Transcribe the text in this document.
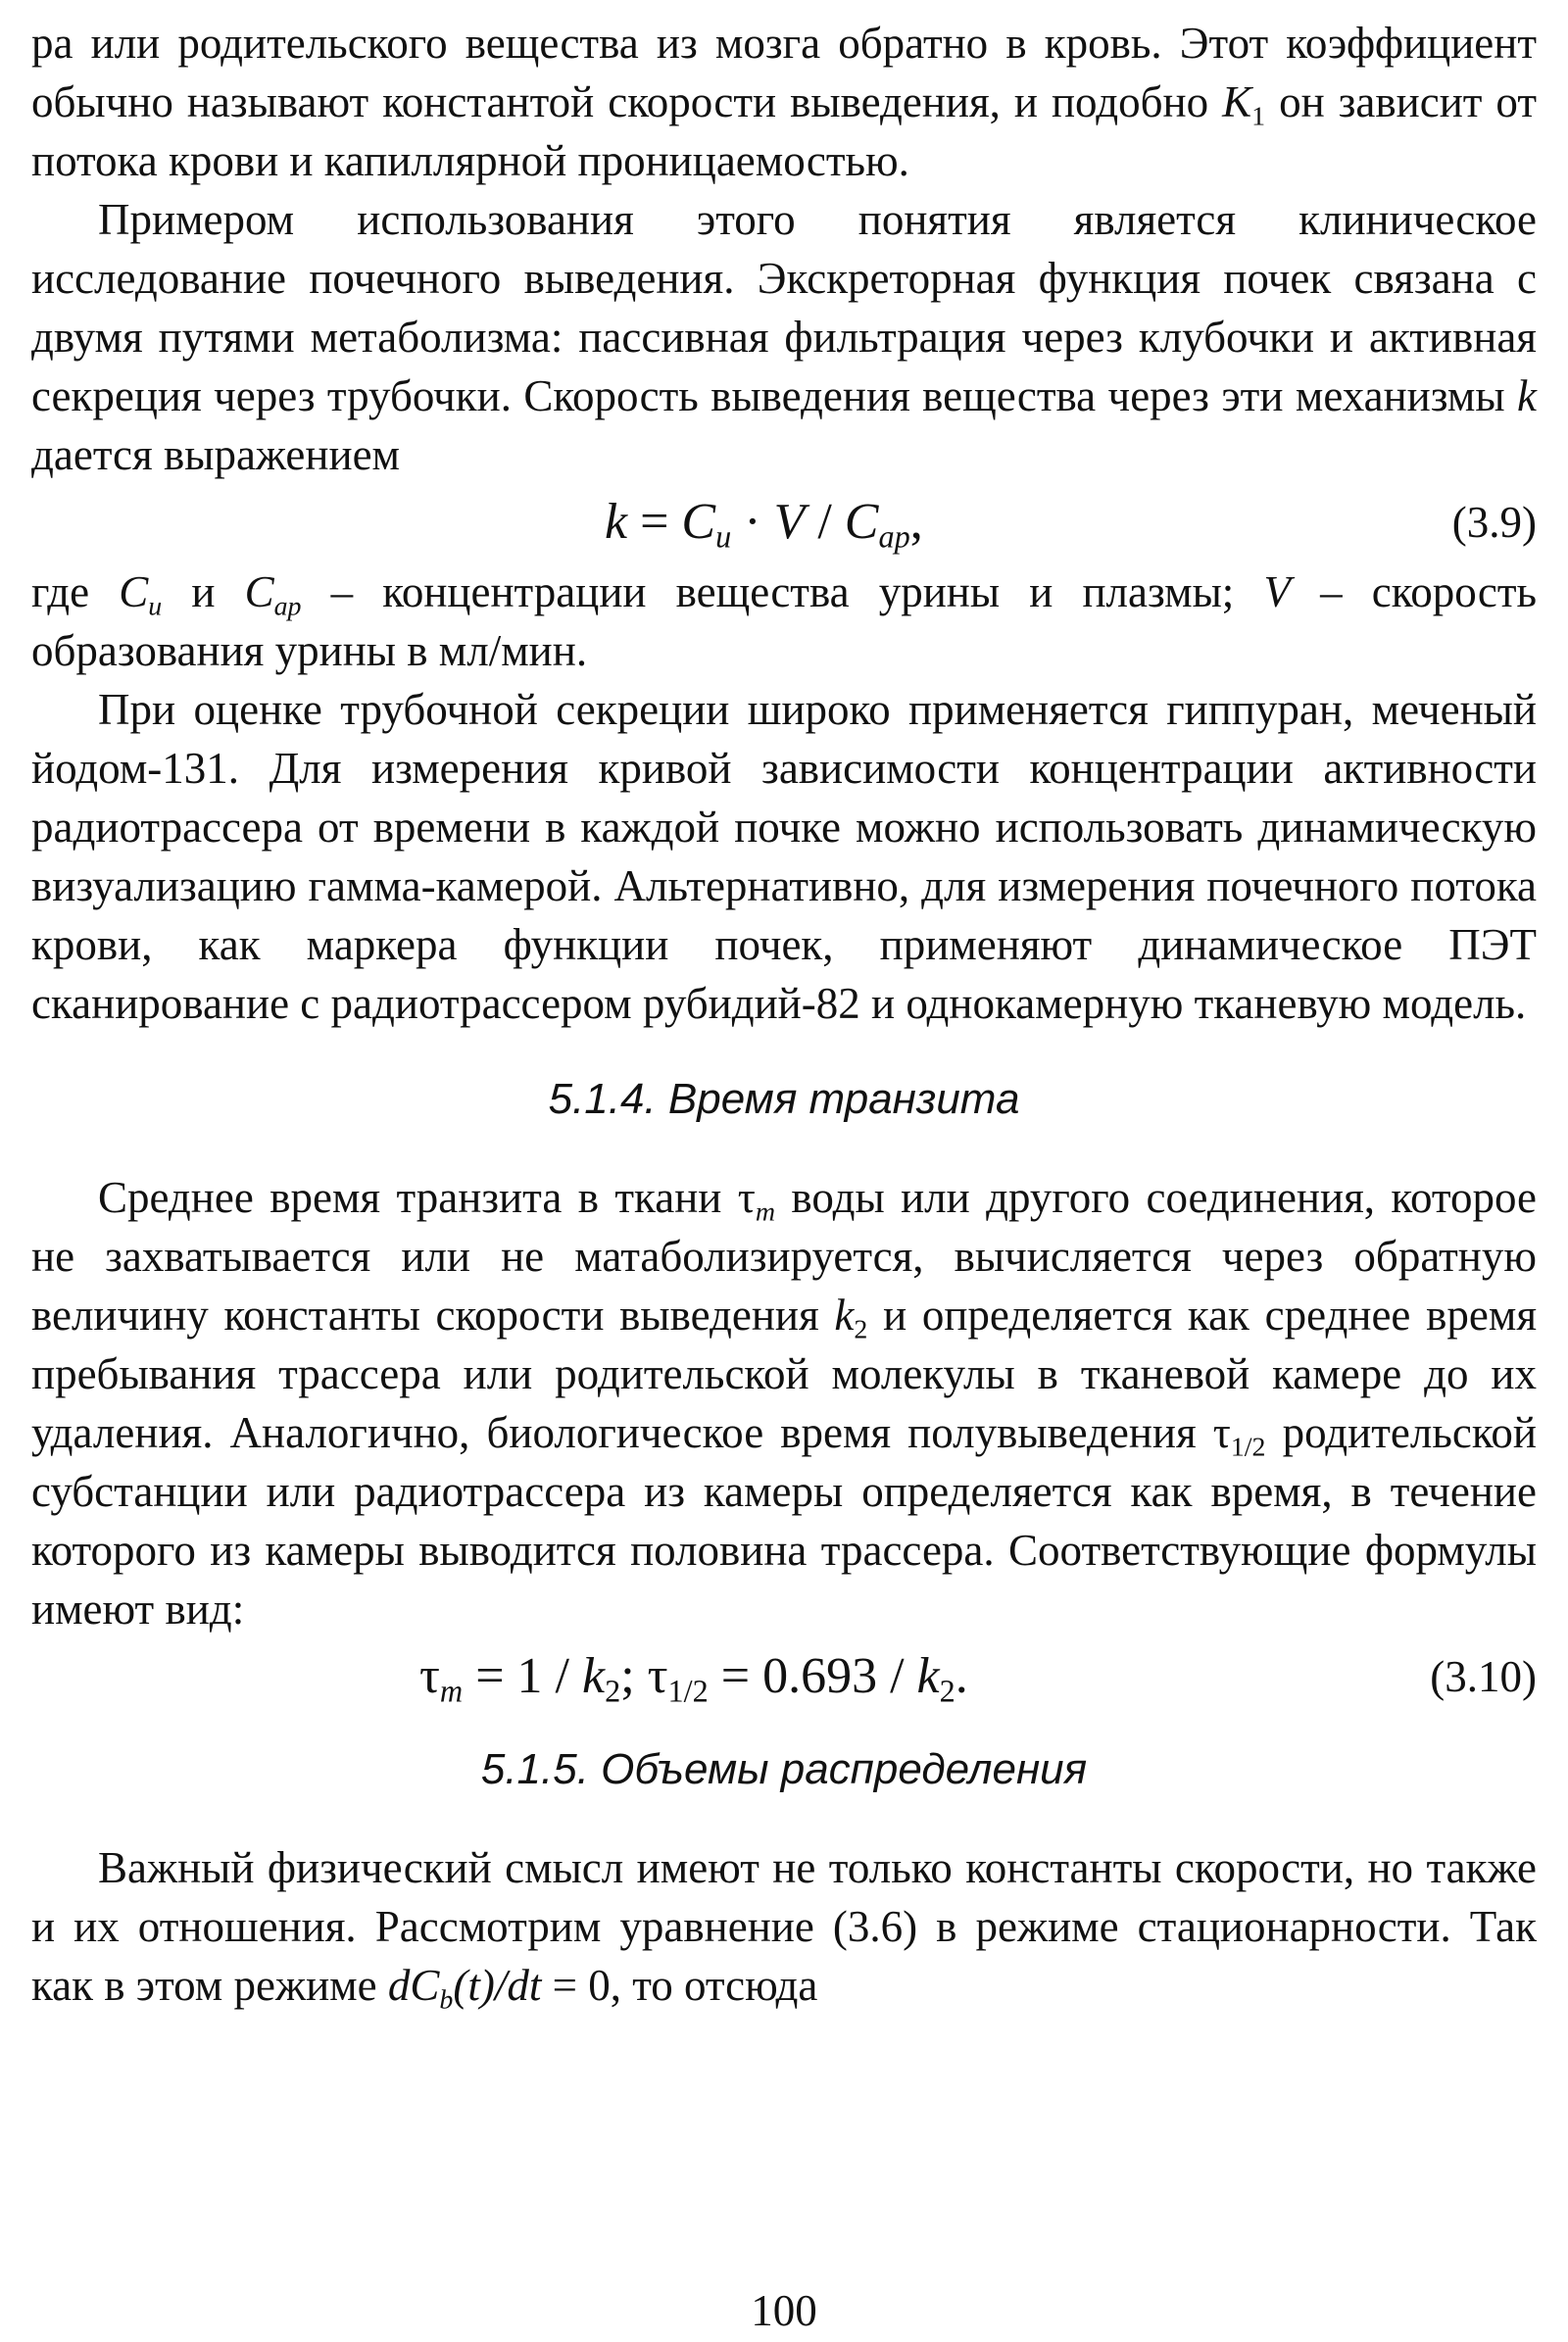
ра или родительского вещества из мозга обратно в кровь. Этот коэффициент обычно называют константой скорости выведения, и подобно $K_1$ он зависит от потока крови и капиллярной проницаемостью.

Примером использования этого понятия является клиническое исследование почечного выведения. Экскреторная функция почек связана с двумя путями метаболизма: пассивная фильтрация через клубочки и активная секреция через трубочки. Скорость выведения вещества через эти механизмы k дается выражением

$k = C_u \cdot V / C_{ap}$,	(3.9)

где $C_u$ и $C_{ap}$ – концентрации вещества урины и плазмы; V – скорость образования урины в мл/мин.

При оценке трубочной секреции широко применяется гиппуран, меченый йодом-131. Для измерения кривой зависимости концентрации активности радиотрассера от времени в каждой почке можно использовать динамическую визуализацию гамма-камерой. Альтернативно, для измерения почечного потока крови, как маркера функции почек, применяют динамическое ПЭТ сканирование с радиотрассером рубидий-82 и однокамерную тканевую модель.

5.1.4. Время транзита

Среднее время транзита в ткани $\tau_m$ воды или другого соединения, которое не захватывается или не матаболизируется, вычисляется через обратную величину константы скорости выведения $k_2$ и определяется как среднее время пребывания трассера или родительской молекулы в тканевой камере до их удаления. Аналогично, биологическое время полувыведения $\tau_{1/2}$ родительской субстанции или радиотрассера из камеры определяется как время, в течение которого из камеры выводится половина трассера. Соответствующие формулы имеют вид:

$\tau_m = 1 / k_2$; $\tau_{1/2} = 0.693 / k_2$.	(3.10)
5.1.5. Объемы распределения

Важный физический смысл имеют не только константы скорости, но также и их отношения. Рассмотрим уравнение (3.6) в режиме стационарности. Так как в этом режиме $dC_b(t)/dt = 0$, то отсюда

100
